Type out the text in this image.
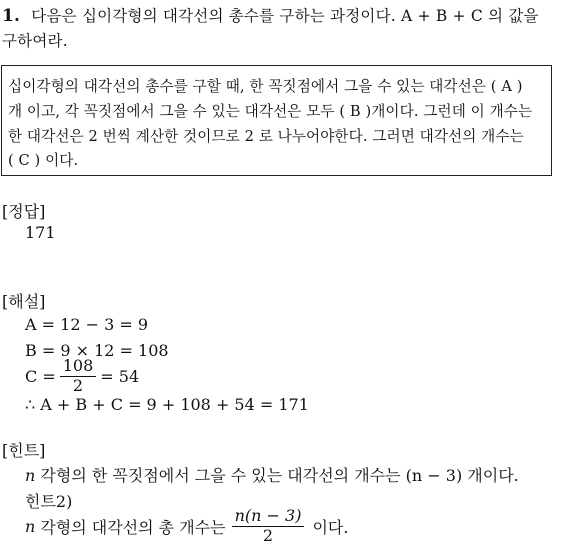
1. 다음은 십이각형의 대각선의 총수를 구하는 과정이다. A + B + C 의 값을
구하여라.
십이각형의 대각선의 총수를 구할 때, 한 꼭짓점에서 그을 수 있는 대각선은 ( A )
개 이고, 각 꼭짓점에서 그을 수 있는 대각선은 모두 ( B )개이다. 그런데 이 개수는
한 대각선은 2 번씩 계산한 것이므로 2 로 나누어야한다. 그러면 대각선의 개수는
( C ) 이다.
[정답]
171
[해설]
A = 12 − 3 = 9
B = 9 × 12 = 108
$C = \frac{108}{2} = 54$
∴ A + B + C = 9 + 108 + 54 = 171
[힌트]
n 각형의 한 꼭짓점에서 그을 수 있는 대각선의 개수는 (n − 3) 개이다.
힌트2)
n 각형의 대각선의 총 개수는 $\frac{n(n - 3)}{2}$ 이다.
